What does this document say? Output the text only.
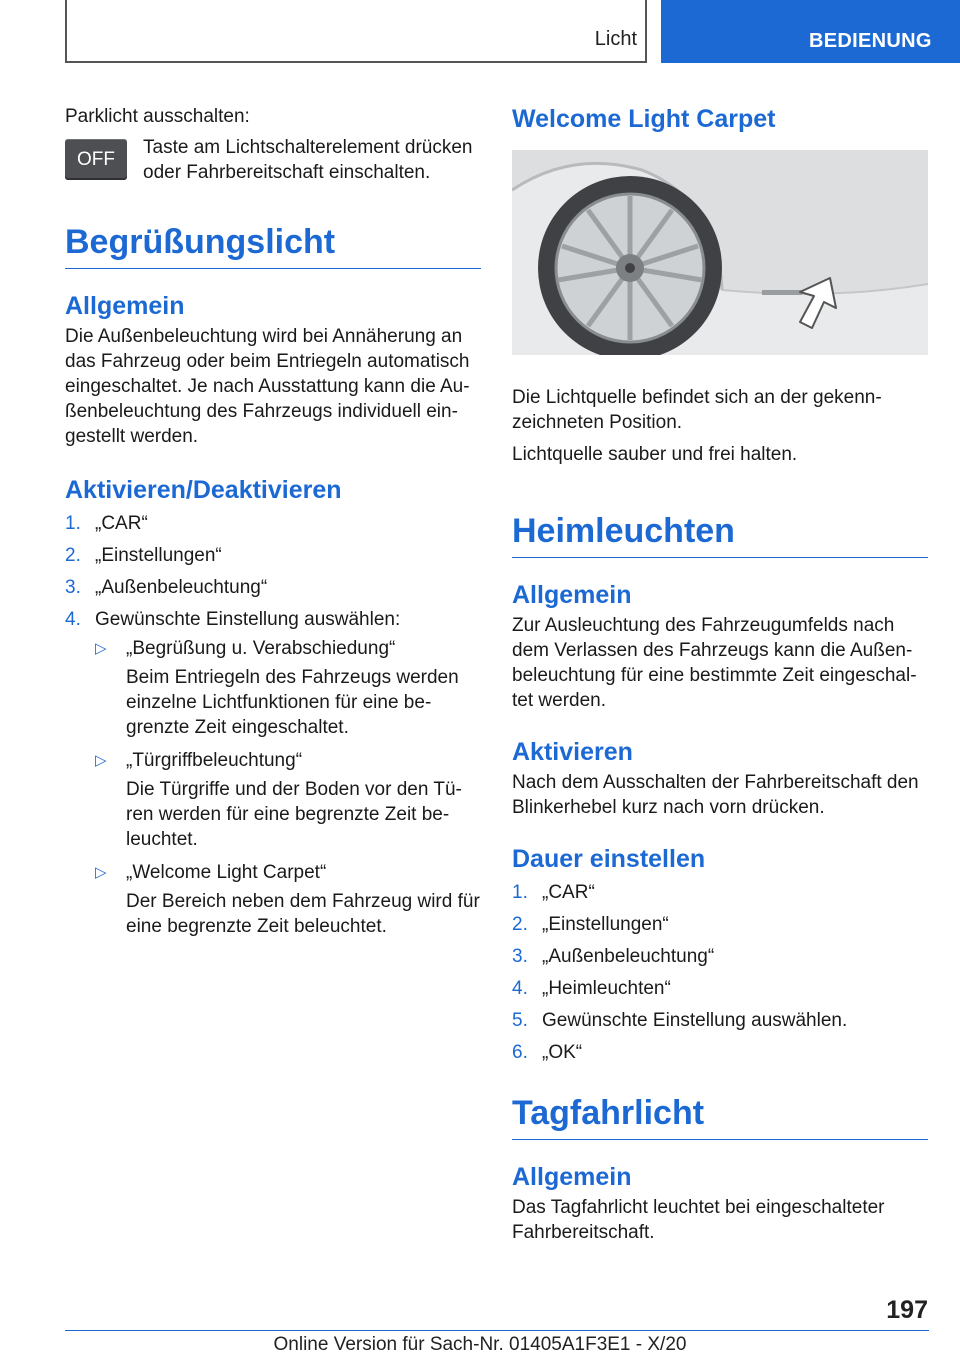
Licht	BEDIENUNG

Parklicht ausschalten:

OFF

Taste am Lichtschalterelement drücken oder Fahrbereitschaft einschalten.

Begrüßungslicht
Allgemein

Die Außenbeleuchtung wird bei Annäherung an das Fahrzeug oder beim Entriegeln automatisch eingeschaltet. Je nach Ausstattung kann die Außenbeleuchtung des Fahrzeugs individuell eingestellt werden.

Aktivieren/Deaktivieren
1. „CAR“
2. „Einstellungen“
3. „Außenbeleuchtung“
4. Gewünschte Einstellung auswählen:
▷ „Begrüßung u. Verabschiedung“
Beim Entriegeln des Fahrzeugs werden einzelne Lichtfunktionen für eine begrenzte Zeit eingeschaltet.
▷ „Türgriffbeleuchtung“
Die Türgriffe und der Boden vor den Türen werden für eine begrenzte Zeit beleuchtet.
▷ „Welcome Light Carpet“
Der Bereich neben dem Fahrzeug wird für eine begrenzte Zeit beleuchtet.
Welcome Light Carpet

Die Lichtquelle befindet sich an der gekennzeichneten Position.

Lichtquelle sauber und frei halten.

Heimleuchten
Allgemein

Zur Ausleuchtung des Fahrzeugumfelds nach dem Verlassen des Fahrzeugs kann die Außenbeleuchtung für eine bestimmte Zeit eingeschaltet werden.

Aktivieren

Nach dem Ausschalten der Fahrbereitschaft den Blinkerhebel kurz nach vorn drücken.

Dauer einstellen
1. „CAR“
2. „Einstellungen“
3. „Außenbeleuchtung“
4. „Heimleuchten“
5. Gewünschte Einstellung auswählen.
6. „OK“
Tagfahrlicht
Allgemein

Das Tagfahrlicht leuchtet bei eingeschalteter Fahrbereitschaft.

197
Online Version für Sach-Nr. 01405A1F3E1 - X/20
